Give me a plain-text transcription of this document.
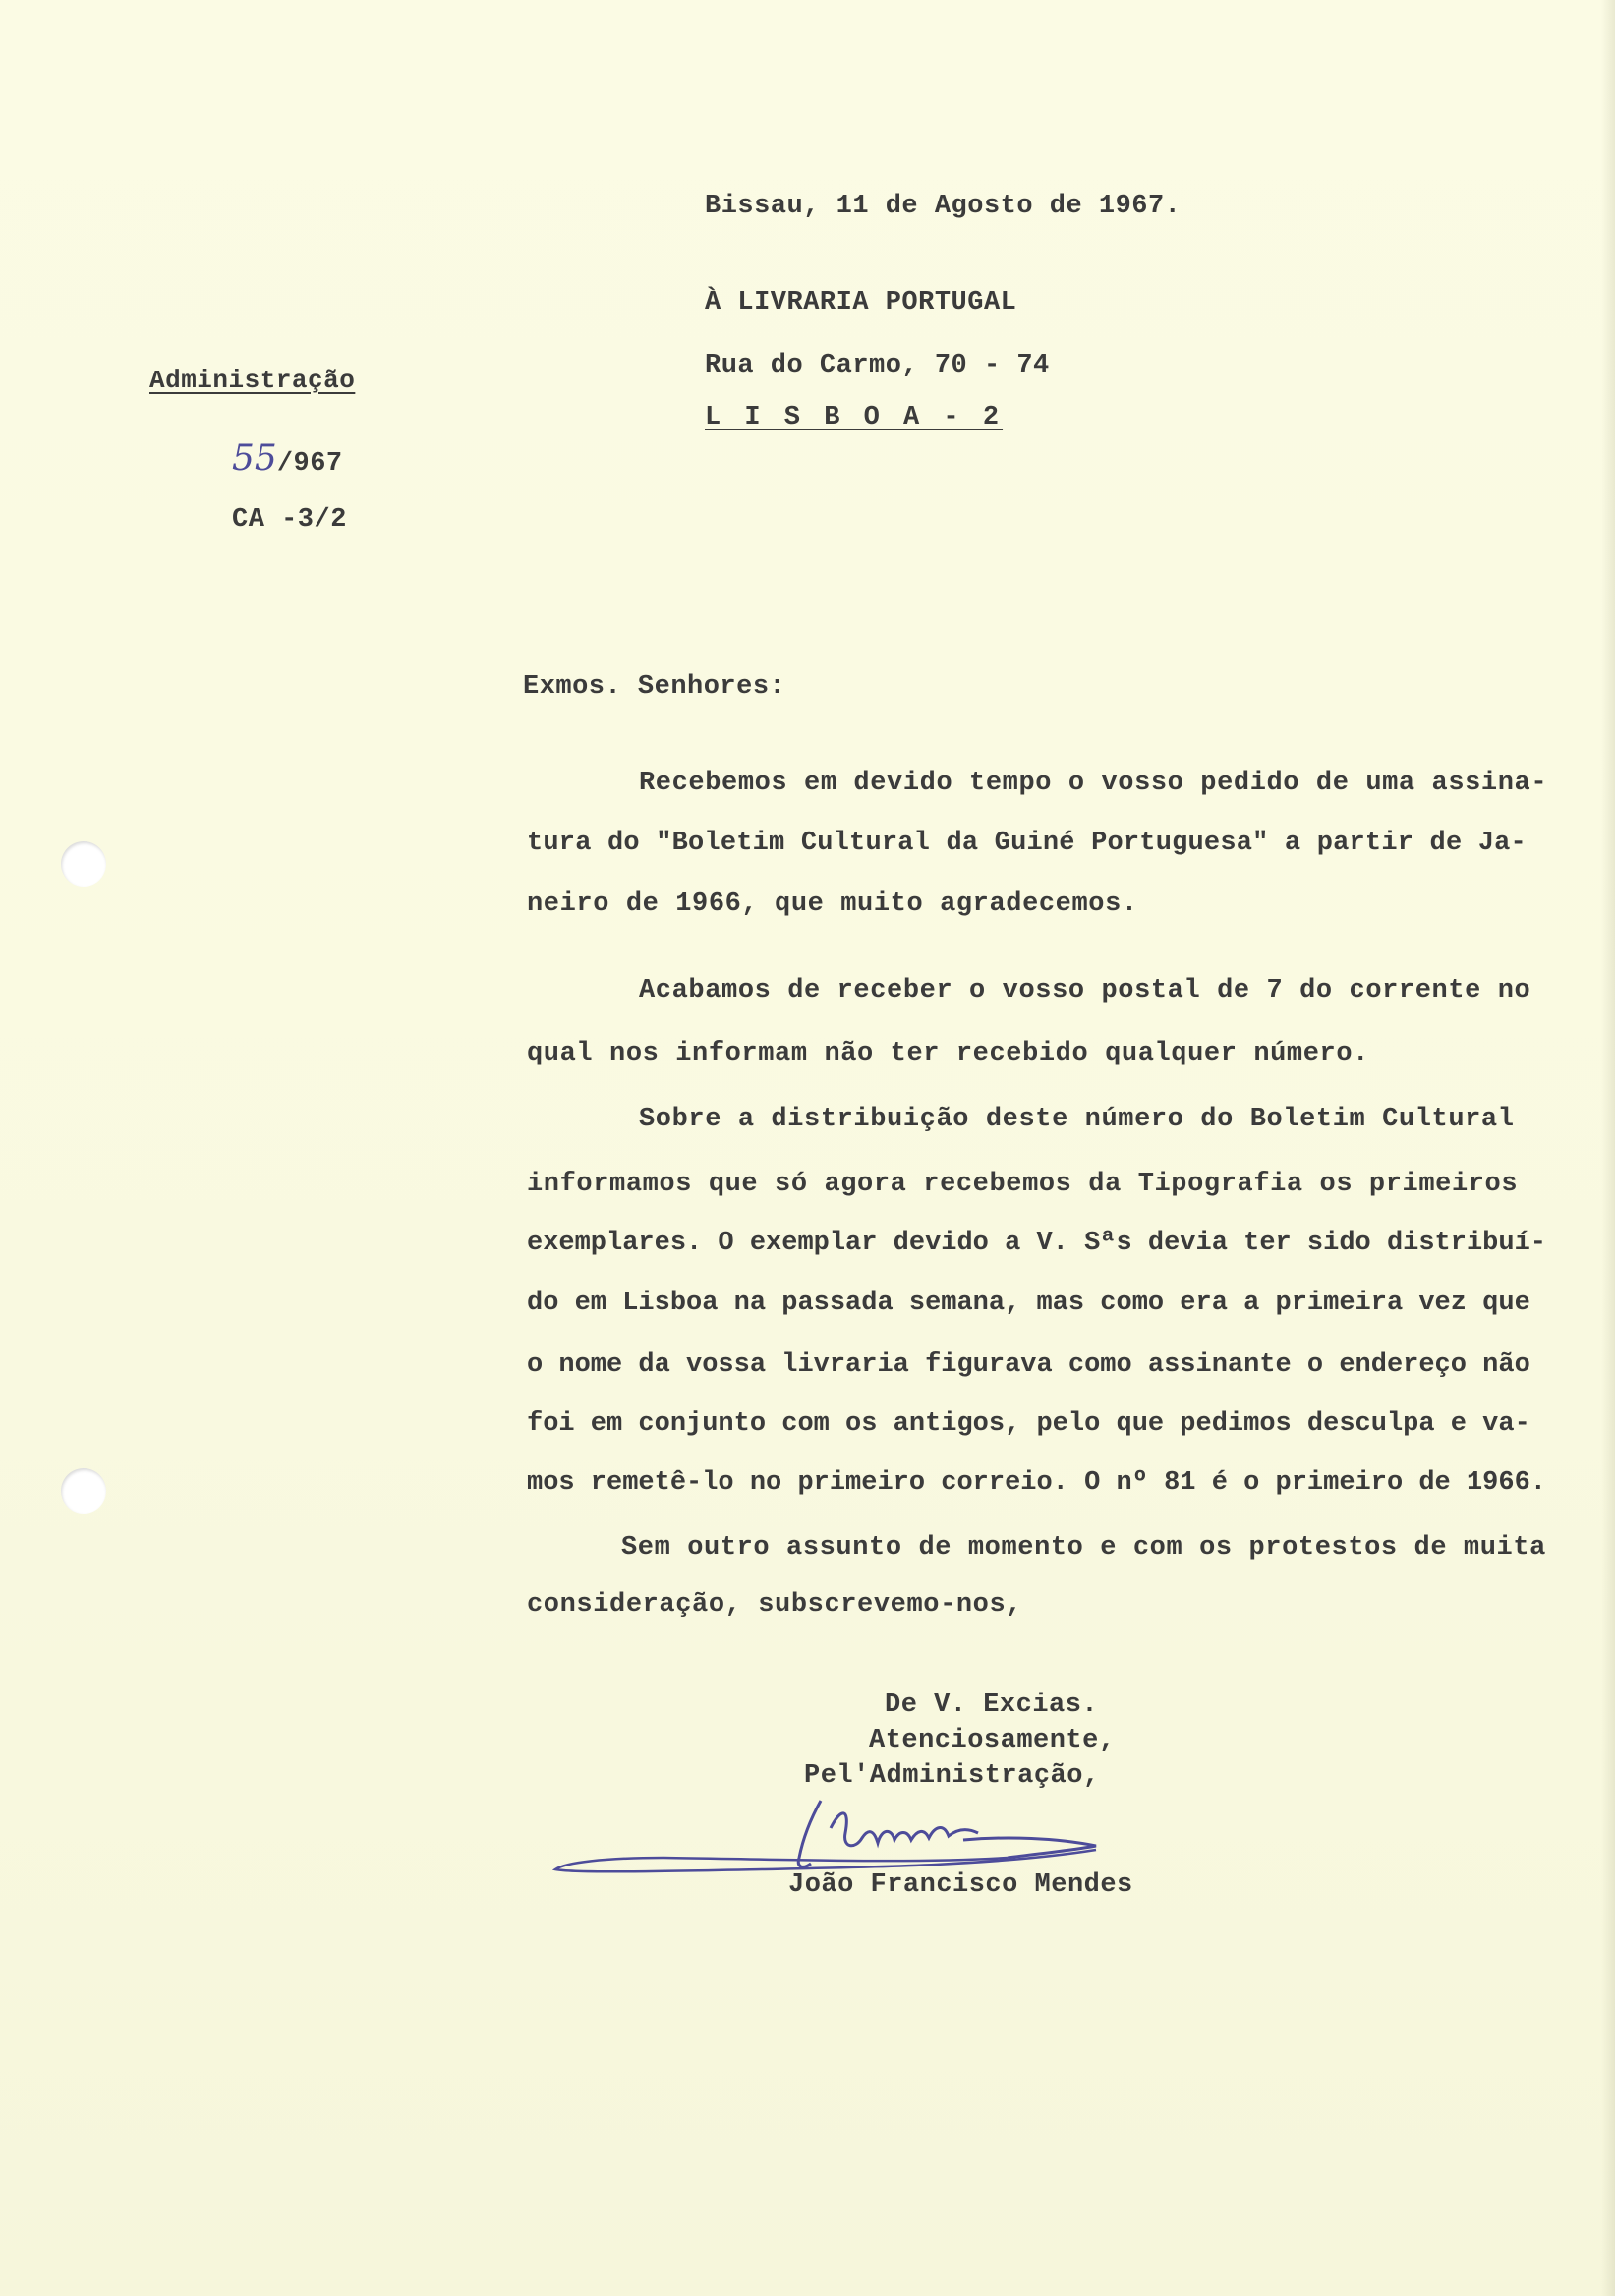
Bissau, 11 de Agosto de 1967.
À LIVRARIA PORTUGAL
Rua do Carmo, 70 - 74
L I S B O A - 2
Administração
55/967
CA -3/2
Exmos. Senhores:
Recebemos em devido tempo o vosso pedido de uma assina-
tura do "Boletim Cultural da Guiné Portuguesa" a partir de Ja-
neiro de 1966, que muito agradecemos.
Acabamos de receber o vosso postal de 7 do corrente no
qual nos informam não ter recebido qualquer número.
Sobre a distribuição deste número do Boletim Cultural
informamos que só agora recebemos da Tipografia os primeiros
exemplares. O exemplar devido a V. Sªs devia ter sido distribuí-
do em Lisboa na passada semana, mas como era a primeira vez que
o nome da vossa livraria figurava como assinante o endereço não
foi em conjunto com os antigos, pelo que pedimos desculpa e va-
mos remetê-lo no primeiro correio. O nº 81 é o primeiro de 1966.
Sem outro assunto de momento e com os protestos de muita
consideração, subscrevemo-nos,
De V. Excias.
Atenciosamente,
Pel'Administração,
João Francisco Mendes
